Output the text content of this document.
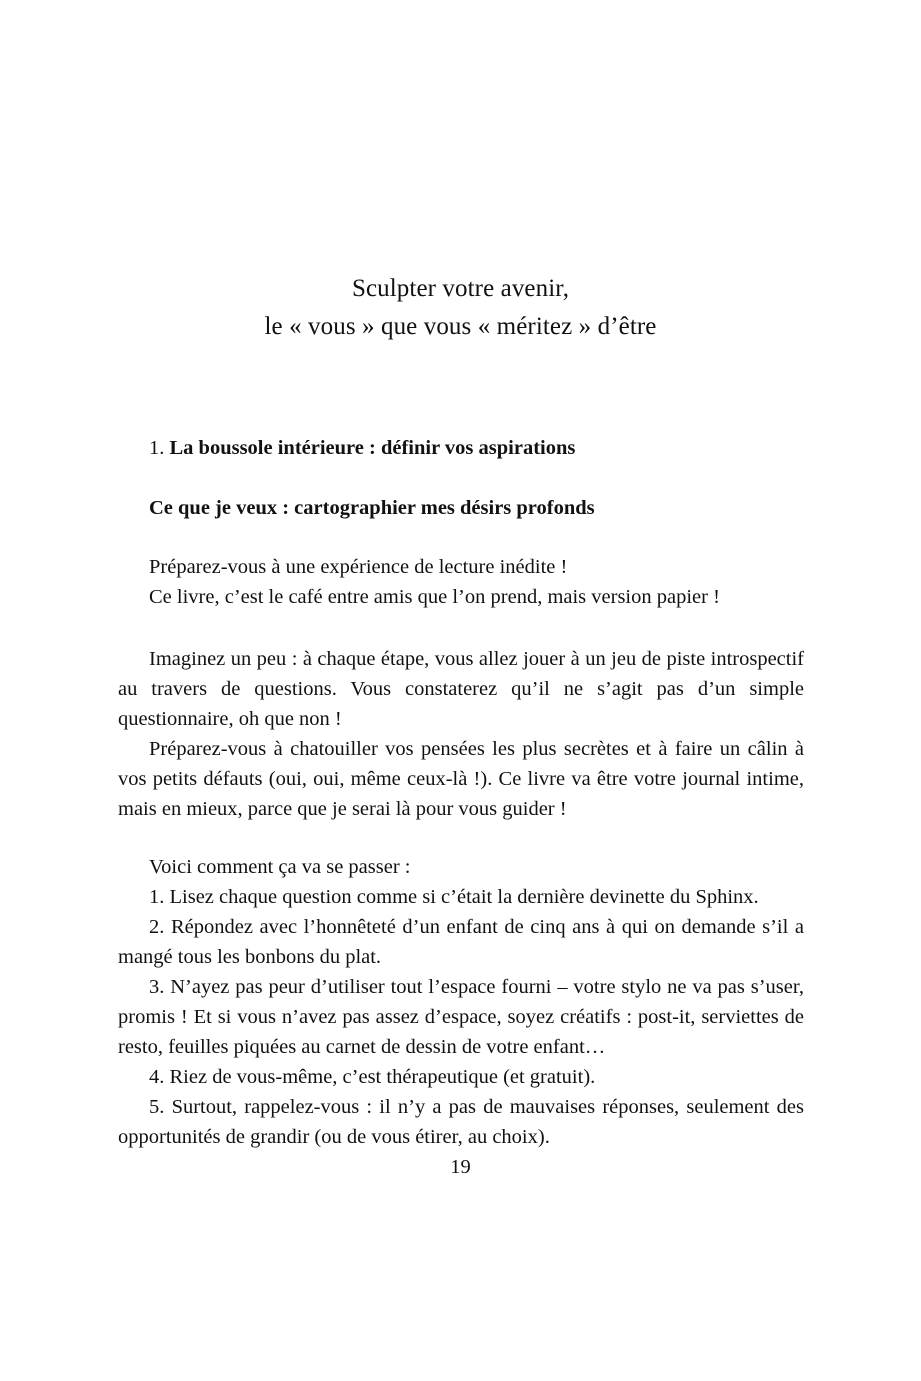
Sculpter votre avenir,
le « vous » que vous « méritez » d’être
1. La boussole intérieure : définir vos aspirations
Ce que je veux : cartographier mes désirs profonds

Préparez-vous à une expérience de lecture inédite !

Ce livre, c’est le café entre amis que l’on prend, mais version papier !

Imaginez un peu : à chaque étape, vous allez jouer à un jeu de piste introspectif au travers de questions. Vous constaterez qu’il ne s’agit pas d’un simple questionnaire, oh que non !

Préparez-vous à chatouiller vos pensées les plus secrètes et à faire un câlin à vos petits défauts (oui, oui, même ceux-là !). Ce livre va être votre journal intime, mais en mieux, parce que je serai là pour vous guider !

Voici comment ça va se passer :

1. Lisez chaque question comme si c’était la dernière devinette du Sphinx.

2. Répondez avec l’honnêteté d’un enfant de cinq ans à qui on demande s’il a mangé tous les bonbons du plat.

3. N’ayez pas peur d’utiliser tout l’espace fourni – votre stylo ne va pas s’user, promis ! Et si vous n’avez pas assez d’espace, soyez créatifs : post-it, serviettes de resto, feuilles piquées au carnet de dessin de votre enfant…

4. Riez de vous-même, c’est thérapeutique (et gratuit).

5. Surtout, rappelez-vous : il n’y a pas de mauvaises réponses, seulement des opportunités de grandir (ou de vous étirer, au choix).

19
